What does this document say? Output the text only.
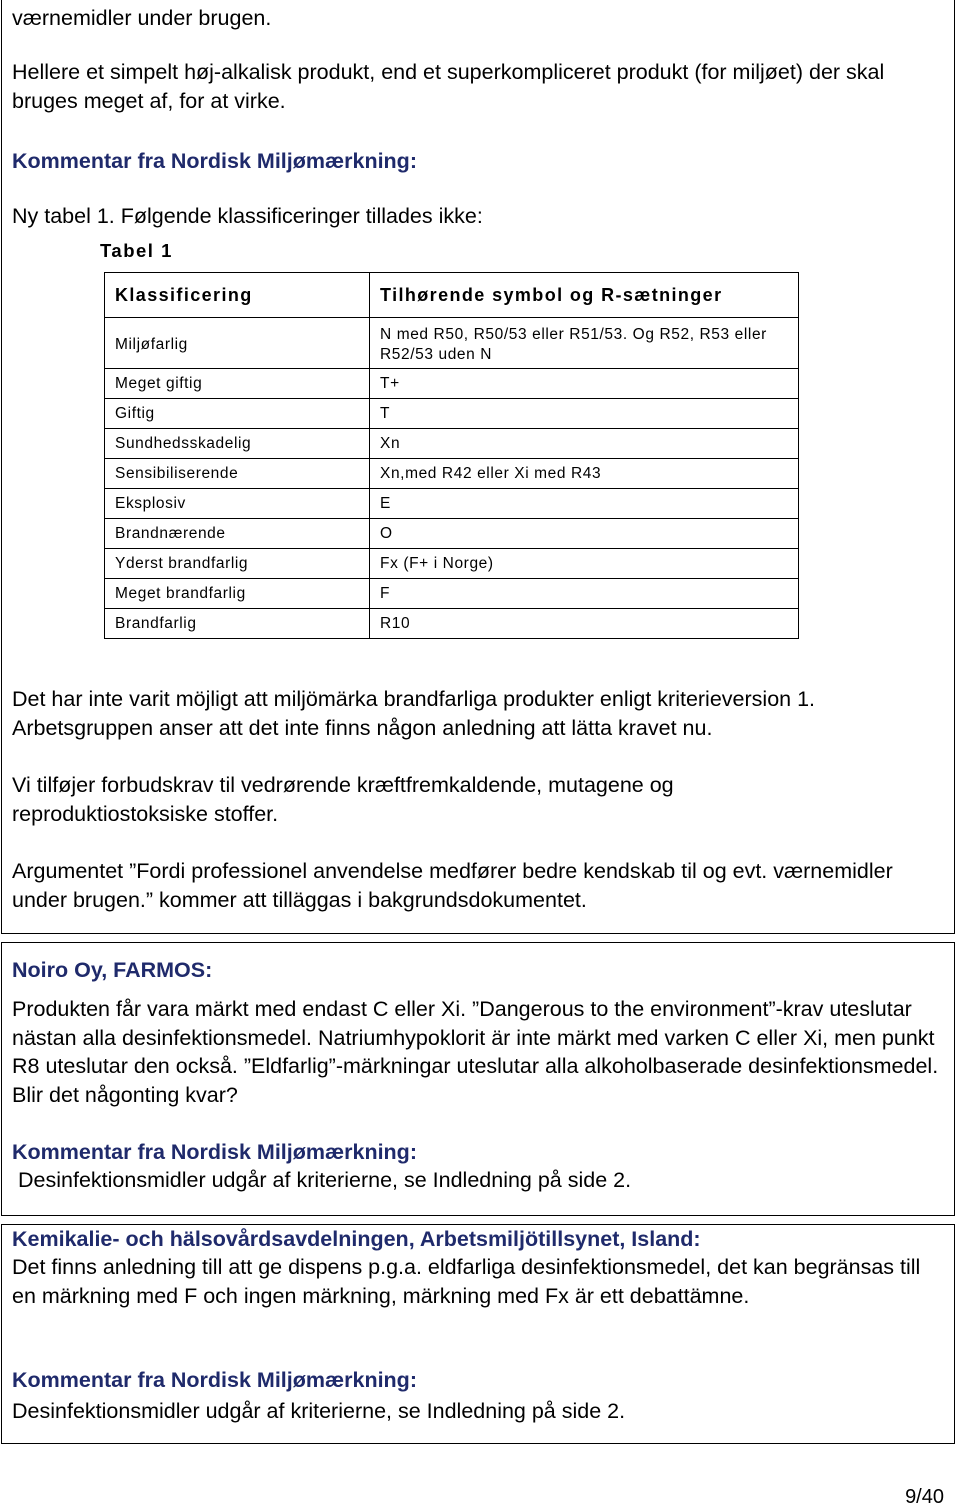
værnemidler under brugen.

Hellere et simpelt høj-alkalisk produkt, end et superkompliceret produkt (for miljøet) der skal bruges meget af, for at virke.

Kommentar fra Nordisk Miljømærkning:

Ny tabel 1. Følgende klassificeringer tillades ikke:

Tabel 1
Klassificering	Tilhørende symbol og R-sætninger
Miljøfarlig	N med R50, R50/53 eller R51/53. Og R52, R53 eller R52/53 uden N
Meget giftig	T+
Giftig	T
Sundhedsskadelig	Xn
Sensibiliserende	Xn,med R42 eller Xi med R43
Eksplosiv	E
Brandnærende	O
Yderst brandfarlig	Fx (F+ i Norge)
Meget brandfarlig	F
Brandfarlig	R10

Det har inte varit möjligt att miljömärka brandfarliga produkter enligt kriterieversion 1. Arbetsgruppen anser att det inte finns någon anledning att lätta kravet nu.

Vi tilføjer forbudskrav til vedrørende kræftfremkaldende, mutagene og reproduktiostoksiske stoffer.

Argumentet ”Fordi professionel anvendelse medfører bedre kendskab til og evt. værnemidler under brugen.” kommer att tilläggas i bakgrundsdokumentet.

Noiro Oy, FARMOS:

Produkten får vara märkt med endast C eller Xi. ”Dangerous to the environment”-krav uteslutar nästan alla desinfektionsmedel. Natriumhypoklorit är inte märkt med varken C eller Xi, men punkt R8 uteslutar den också. ”Eldfarlig”-märkningar uteslutar alla alkoholbaserade desinfektionsmedel. Blir det någonting kvar?

Kommentar fra Nordisk Miljømærkning:

Desinfektionsmidler udgår af kriterierne, se Indledning på side 2.

Kemikalie- och hälsovårdsavdelningen, Arbetsmiljötillsynet, Island:

Det finns anledning till att ge dispens p.g.a. eldfarliga desinfektionsmedel, det kan begränsas till en märkning med F och ingen märkning, märkning med Fx är ett debattämne.

Kommentar fra Nordisk Miljømærkning:

Desinfektionsmidler udgår af kriterierne, se Indledning på side 2.

9/40
